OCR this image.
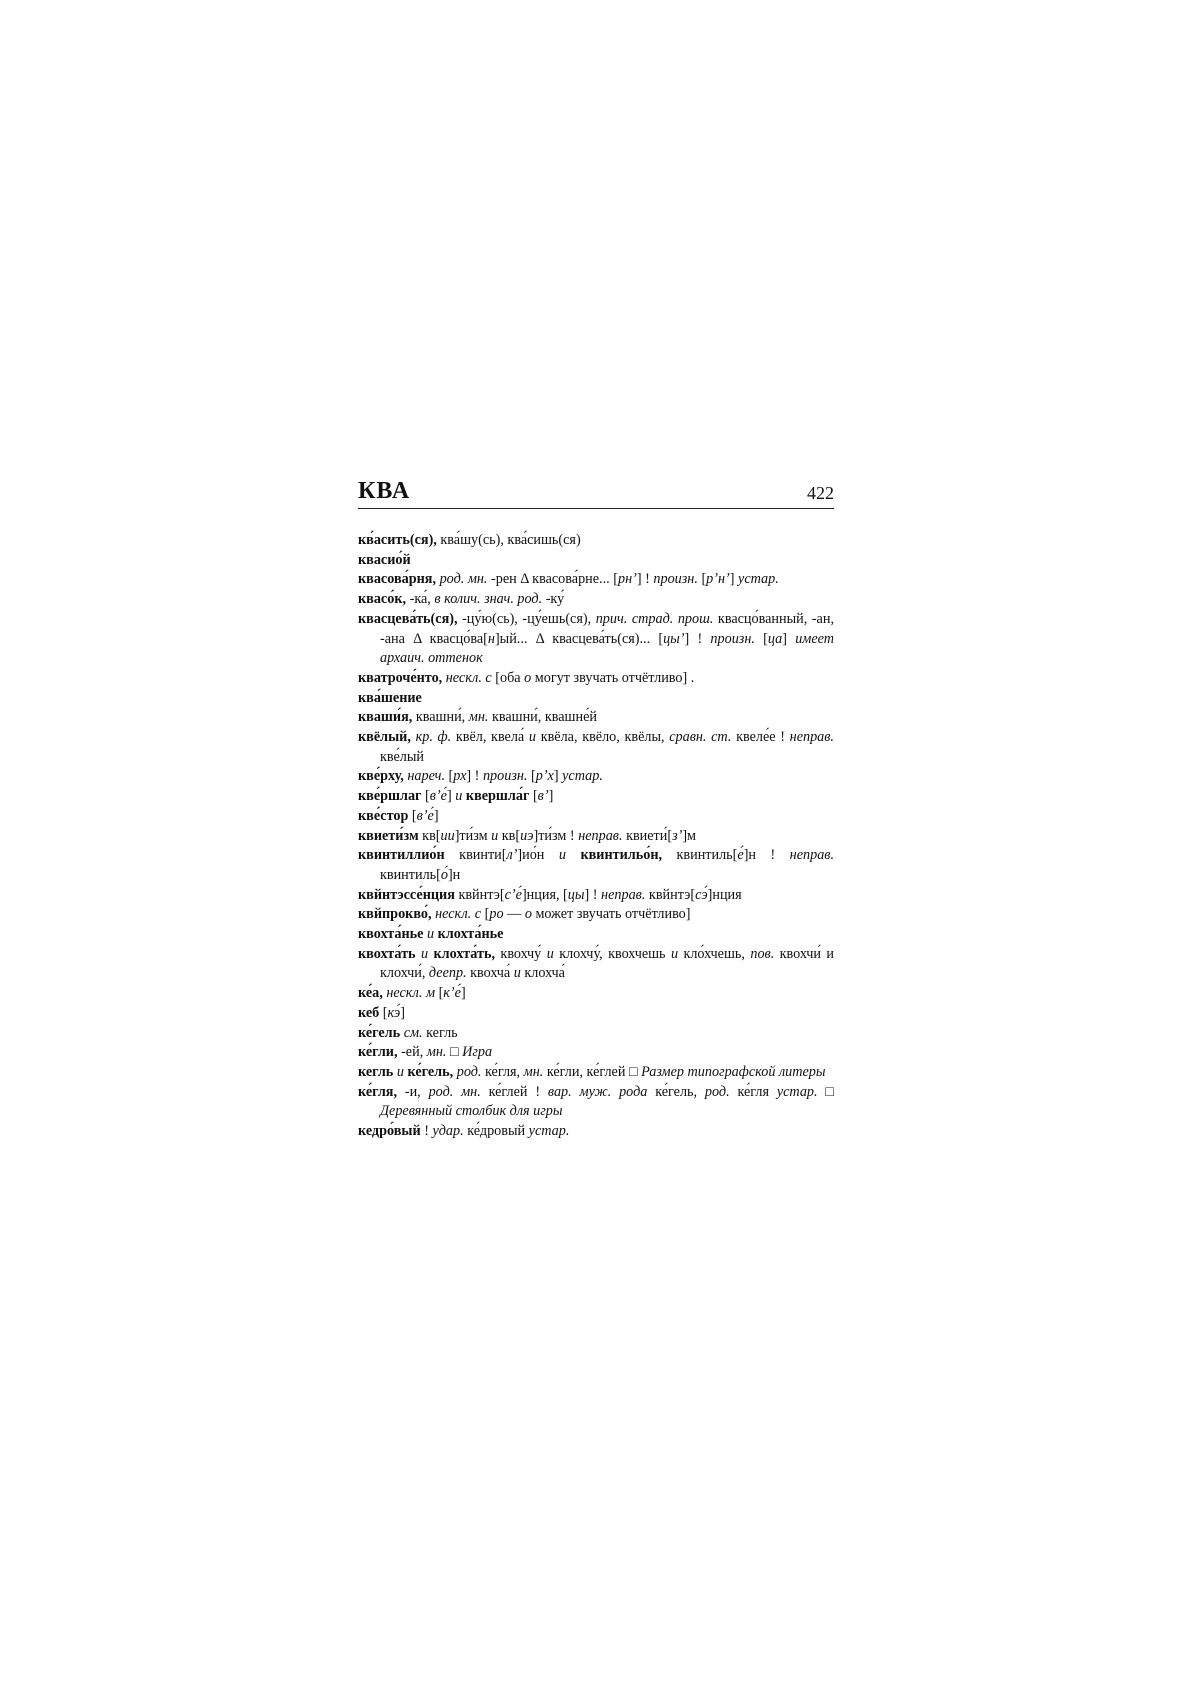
КВА	422

кв́асить(ся), ква́шу(сь), ква́сишь(ся)

квасио́й

квасова́рня, род. мн. -рен Δ квасова́рне... [рнʼ] ! произн. [рʼнʼ] устар.

квасо́к, -ка́, в колич. знач. род. -ку́

квасцева́ть(ся), -цу́ю(сь), -цу́ешь(ся), прич. страд. прош. квасцо́ванный, -ан, -ана Δ квасцо́ва[н]ый... Δ квасцева́ть(ся)... [цыʼ] ! произн. [ца] имеет архаич. оттенок

кватроче́нто, нескл. с [оба о могут звучать отчётливо] .

ква́шение

кваши́я, квашни́, мн. квашни́, квашне́й

квёлый, кр. ф. квёл, квела́ и квёла, квёло, квёлы, сравн. ст. квеле́е ! неправ. кве́лый

кве́рху, нареч. [рх] ! произн. [рʼх] устар.

кве́ршлаг [вʼе́] и квершла́г [вʼ]

кве́стор [вʼе́]

квиети́зм кв[ии]ти́зм и кв[иэ]ти́зм ! неправ. квиети́[зʼ]м

квинтиллио́н квинти[лʼ]ио́н и квинтильо́н, квинтиль[е́]н ! неправ. квинтиль[о́]н

квйнтэссе́нция квйнтэ[сʼе́]нция, [цы] ! неправ. квйнтэ[сэ́]нция

квйпрокво́, нескл. с [ро — о может звучать отчётливо]

квохта́нье и клохта́нье

квохта́ть и клохта́ть, квохчу́ и клохчу́, квохчешь и кло́хчешь, пов. квохчи́ и клохчи́, деепр. квохча́ и клохча́

ке́а, нескл. м [кʼе́]

кеб [кэ́]

ке́гель см. кегль

ке́гли, -ей, мн. □ Игра

кегль и ке́гель, род. ке́гля, мн. ке́гли, ке́глей □ Размер типографской литеры

ке́гля, -и, род. мн. ке́глей ! вар. муж. рода ке́гель, род. ке́гля устар. □ Деревянный столбик для игры

кедро́вый ! удар. ке́дровый устар.
